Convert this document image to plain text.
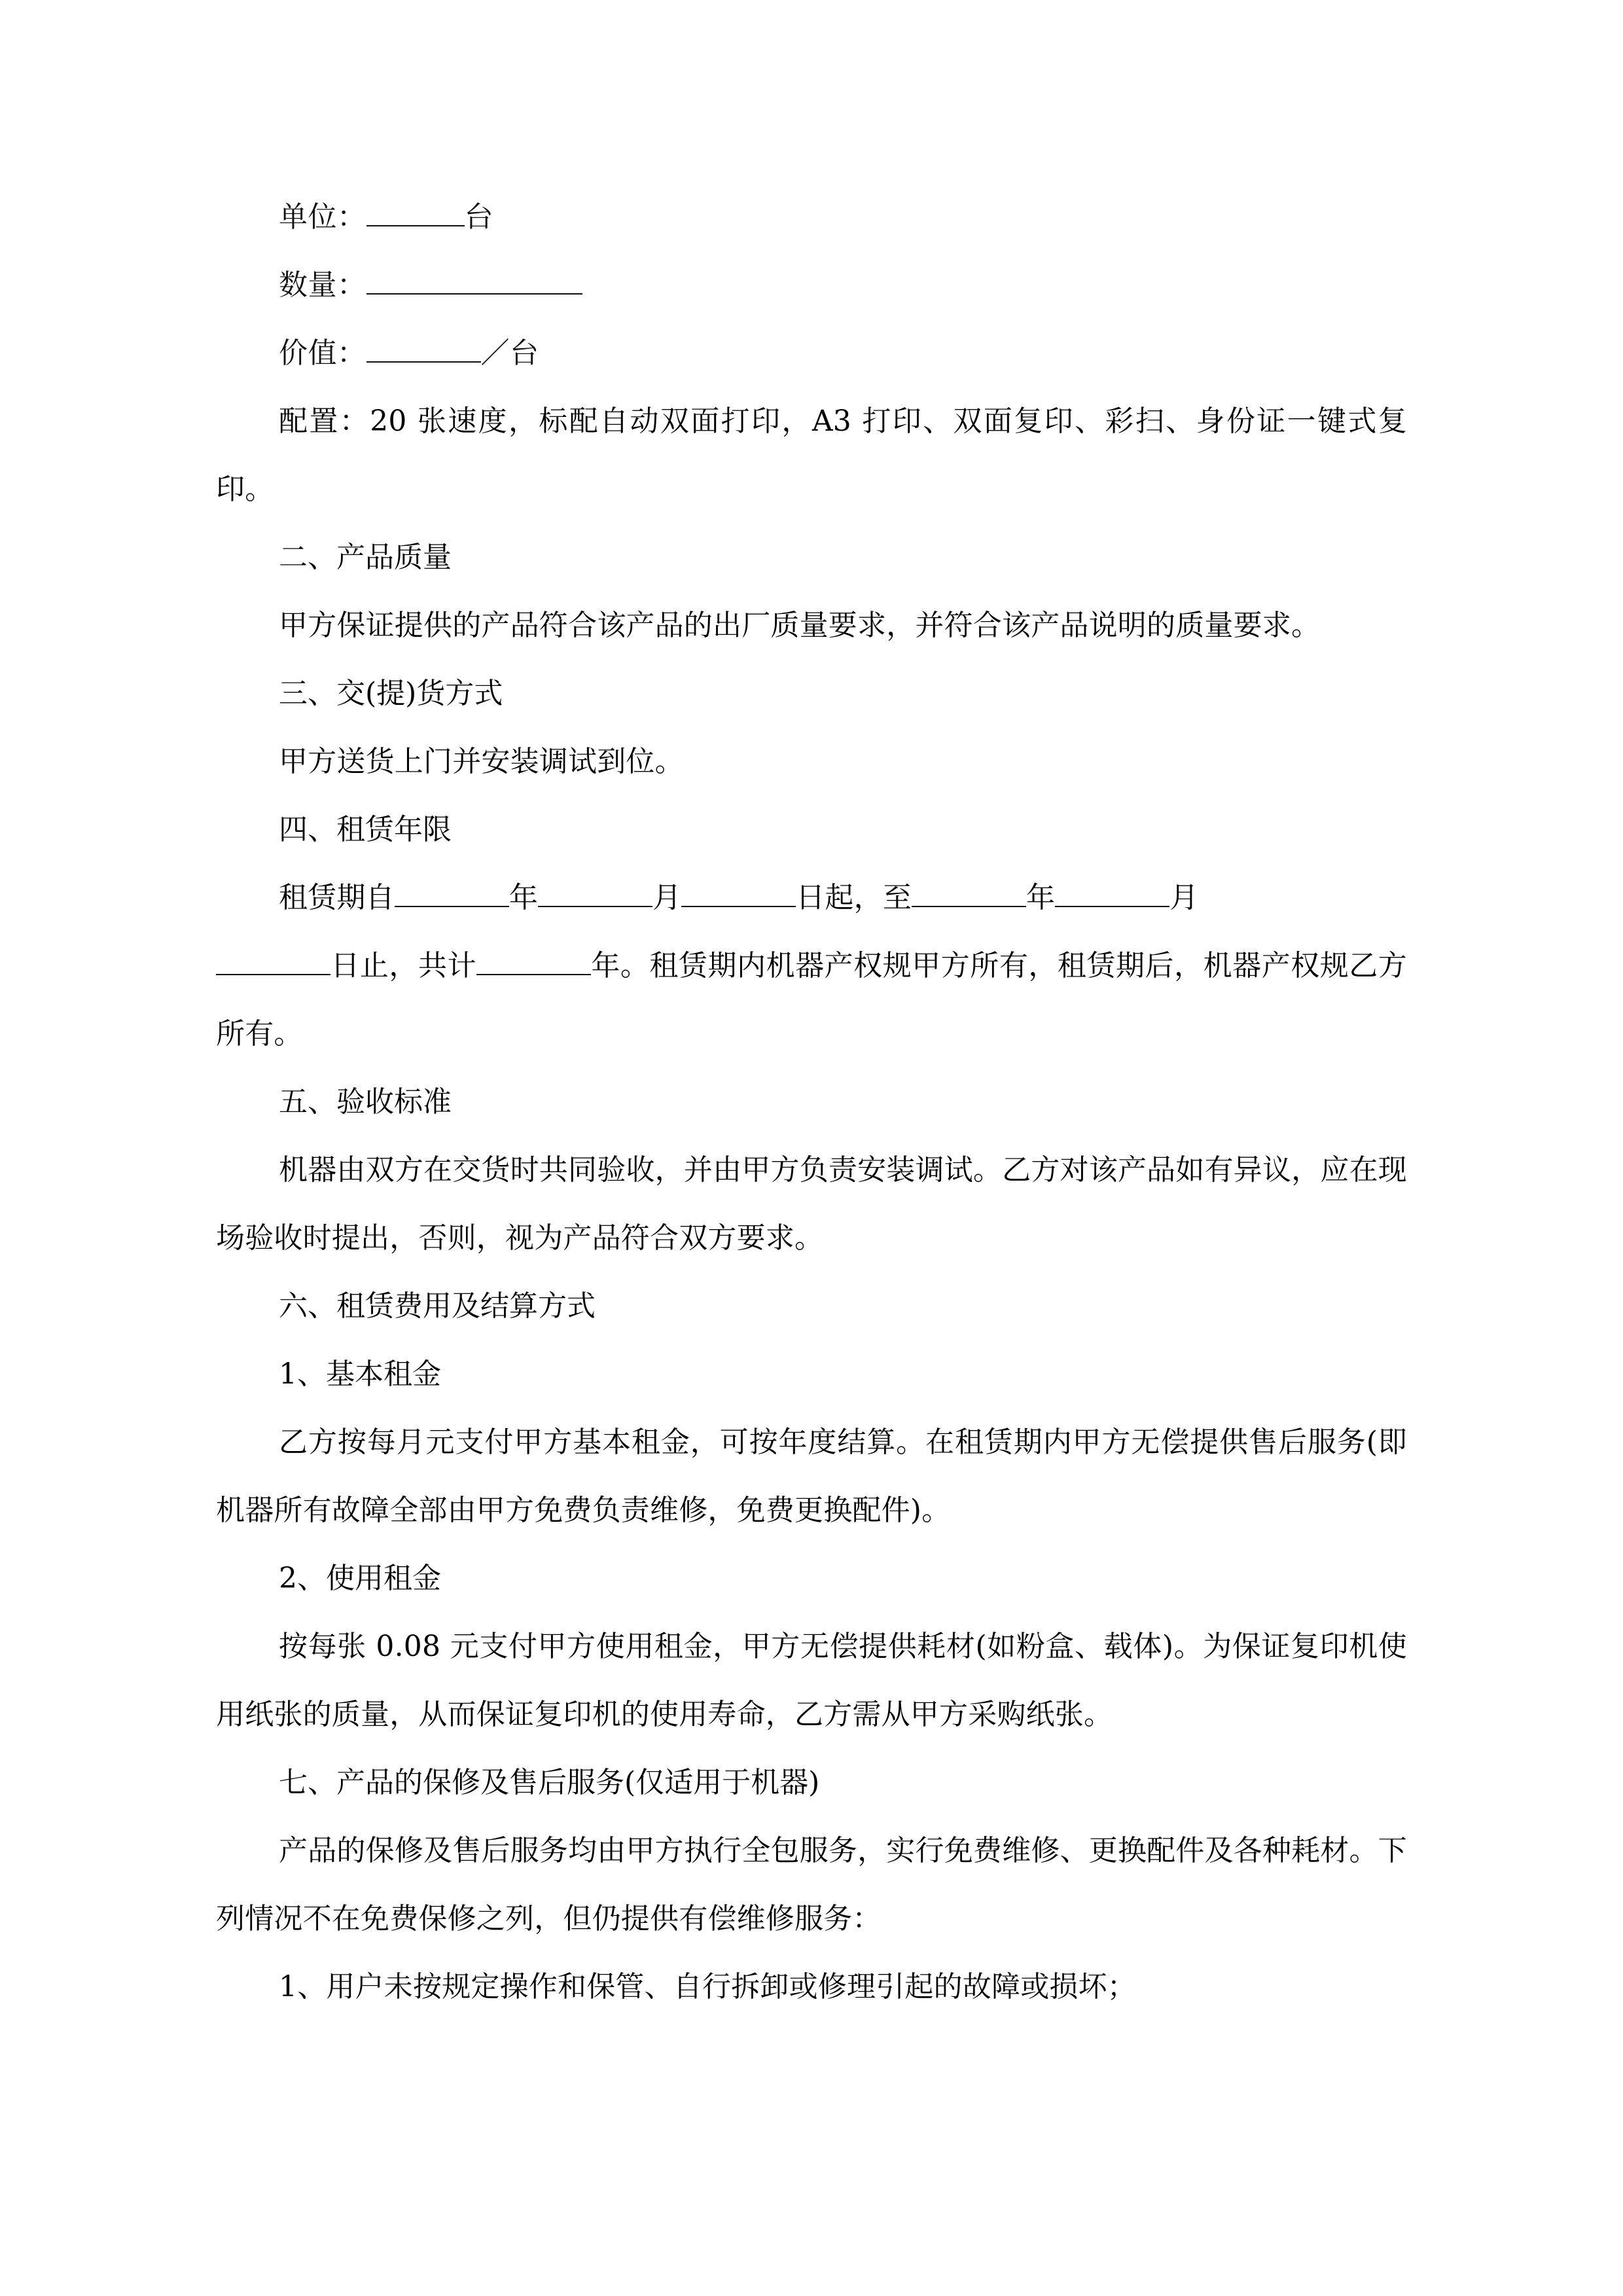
单位：	台
数量：
价值：	／台
配置：20 张速度，标配自动双面打印，A3 打印、双面复印、彩扫、身份证一键式复印。
二、产品质量
甲方保证提供的产品符合该产品的出厂质量要求，并符合该产品说明的质量要求。
三、交(提)货方式
甲方送货上门并安装调试到位。
四、租赁年限
租赁期自	年	月	日起，至	年	月
日止，共计	年。租赁期内机器产权规甲方所有，租赁期后，机器产权规乙方所有。
五、验收标准
机器由双方在交货时共同验收，并由甲方负责安装调试。乙方对该产品如有异议，应在现场验收时提出，否则，视为产品符合双方要求。
六、租赁费用及结算方式
1、基本租金
乙方按每月元支付甲方基本租金，可按年度结算。在租赁期内甲方无偿提供售后服务(即机器所有故障全部由甲方免费负责维修，免费更换配件)。
2、使用租金
按每张 0.08 元支付甲方使用租金，甲方无偿提供耗材(如粉盒、载体)。为保证复印机使用纸张的质量，从而保证复印机的使用寿命，乙方需从甲方采购纸张。
七、产品的保修及售后服务(仅适用于机器)
产品的保修及售后服务均由甲方执行全包服务，实行免费维修、更换配件及各种耗材。下列情况不在免费保修之列，但仍提供有偿维修服务：
1、用户未按规定操作和保管、自行拆卸或修理引起的故障或损坏；
